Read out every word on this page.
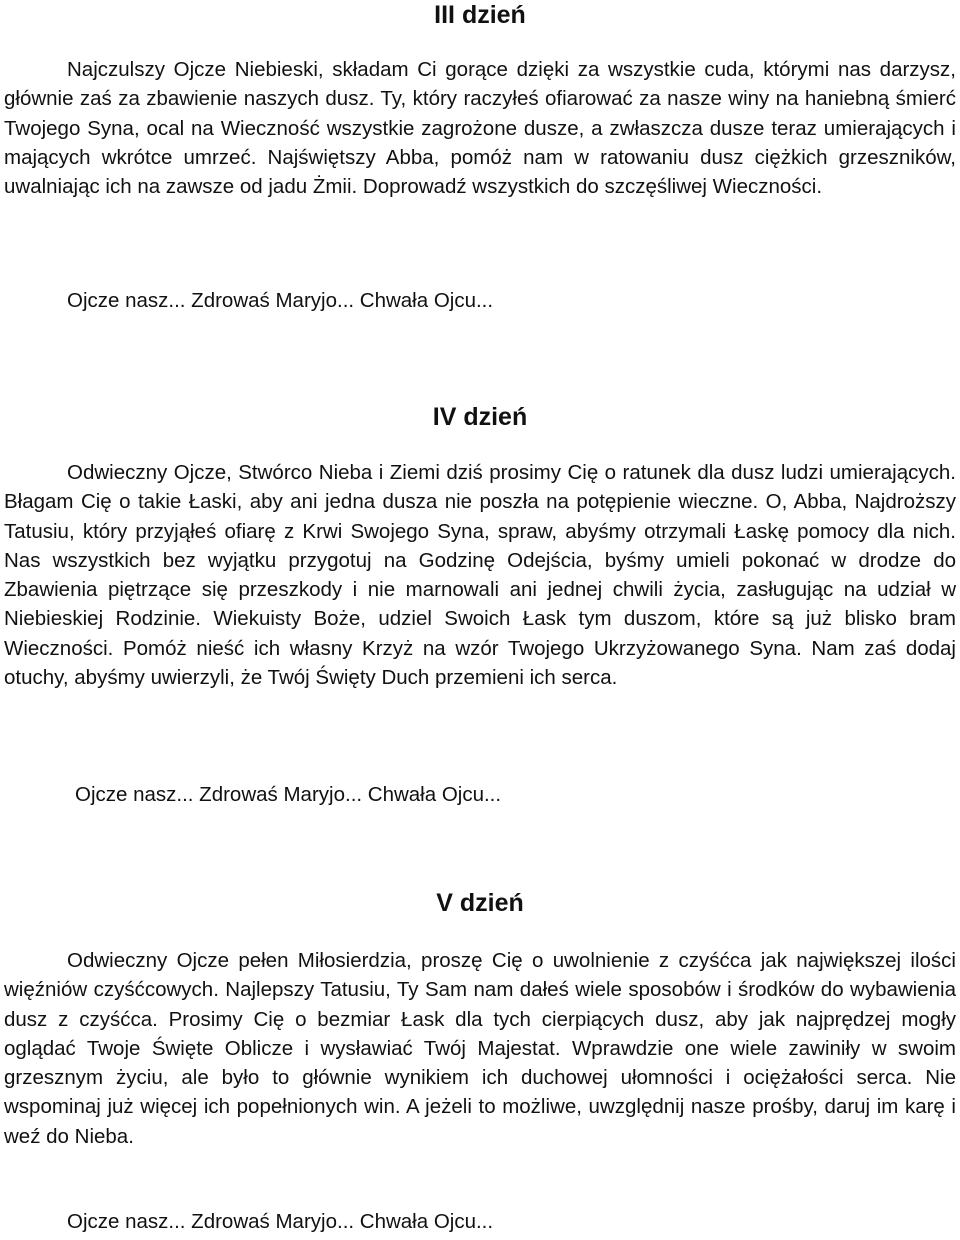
III dzień

Najczulszy Ojcze Niebieski, składam Ci gorące dzięki za wszystkie cuda, którymi nas darzysz, głównie zaś za zbawienie naszych dusz. Ty, który raczyłeś ofiarować za nasze winy na haniebną śmierć Twojego Syna, ocal na Wieczność wszystkie zagrożone dusze, a zwłaszcza dusze teraz umierających i mających wkrótce umrzeć. Najświętszy Abba, pomóż nam w ratowaniu dusz ciężkich grzeszników, uwalniając ich na zawsze od jadu Żmii. Doprowadź wszystkich do szczęśliwej Wieczności.

Ojcze nasz... Zdrowaś Maryjo... Chwała Ojcu...

IV dzień

Odwieczny Ojcze, Stwórco Nieba i Ziemi dziś prosimy Cię o ratunek dla dusz ludzi umierających. Błagam Cię o takie Łaski, aby ani jedna dusza nie poszła na potępienie wieczne. O, Abba, Najdroższy Tatusiu, który przyjąłeś ofiarę z Krwi Swojego Syna, spraw, abyśmy otrzymali Łaskę pomocy dla nich. Nas wszystkich bez wyjątku przygotuj na Godzinę Odejścia, byśmy umieli pokonać w drodze do Zbawienia piętrzące się przeszkody i nie marnowali ani jednej chwili życia, zasługując na udział w Niebieskiej Rodzinie. Wiekuisty Boże, udziel Swoich Łask tym duszom, które są już blisko bram Wieczności. Pomóż nieść ich własny Krzyż na wzór Twojego Ukrzyżowanego Syna. Nam zaś dodaj otuchy, abyśmy uwierzyli, że Twój Święty Duch przemieni ich serca.

Ojcze nasz... Zdrowaś Maryjo... Chwała Ojcu...

V dzień

Odwieczny Ojcze pełen Miłosierdzia, proszę Cię o uwolnienie z czyśćca jak największej ilości więźniów czyśćcowych. Najlepszy Tatusiu, Ty Sam nam dałeś wiele sposobów i środków do wybawienia dusz z czyśćca. Prosimy Cię o bezmiar Łask dla tych cierpiących dusz, aby jak najprędzej mogły oglądać Twoje Święte Oblicze i wysławiać Twój Majestat. Wprawdzie one wiele zawiniły w swoim grzesznym życiu, ale było to głównie wynikiem ich duchowej ułomności i ociężałości serca. Nie wspominaj już więcej ich popełnionych win. A jeżeli to możliwe, uwzględnij nasze prośby, daruj im karę i weź do Nieba.

Ojcze nasz... Zdrowaś Maryjo... Chwała Ojcu...
